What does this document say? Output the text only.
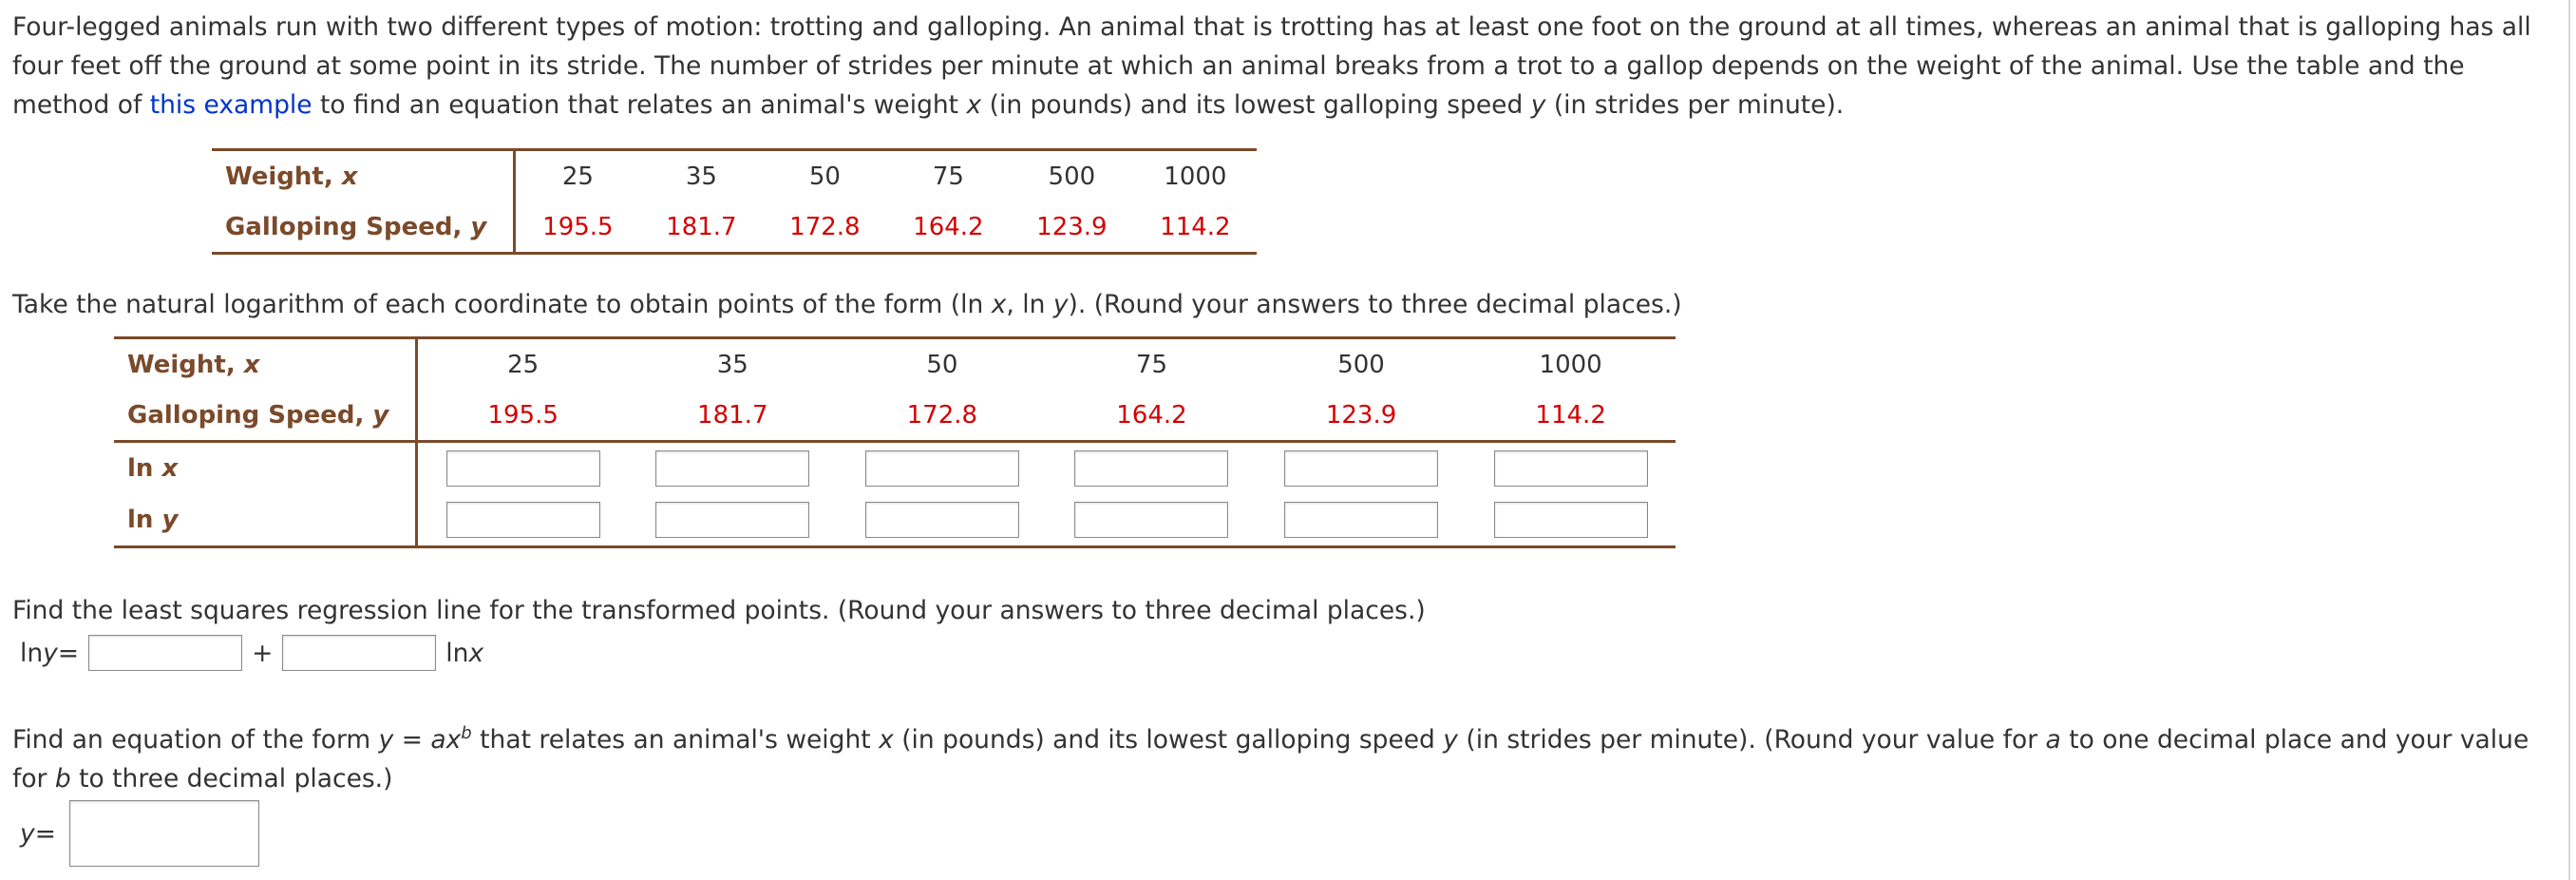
Four-legged animals run with two different types of motion: trotting and galloping. An animal that is trotting has at least one foot on the ground at all times, whereas an animal that is galloping has all four feet off the ground at some point in its stride. The number of strides per minute at which an animal breaks from a trot to a gallop depends on the weight of the animal. Use the table and the method of this example to find an equation that relates an animal's weight x (in pounds) and its lowest galloping speed y (in strides per minute).

Weight, x	25	35	50	75	500	1000
Galloping Speed, y	195.5	181.7	172.8	164.2	123.9	114.2
Take the natural logarithm of each coordinate to obtain points of the form (ln x, ln y). (Round your answers to three decimal places.)
Weight, x	25	35	50	75	500	1000
Galloping Speed, y	195.5	181.7	172.8	164.2	123.9	114.2
ln x						
ln y						
Find the least squares regression line for the transformed points. (Round your answers to three decimal places.)
ln y =	+	ln x
Find an equation of the form $y = ax^b$ that relates an animal's weight x (in pounds) and its lowest galloping speed y (in strides per minute). (Round your value for a to one decimal place and your value for b to three decimal places.)
y =
